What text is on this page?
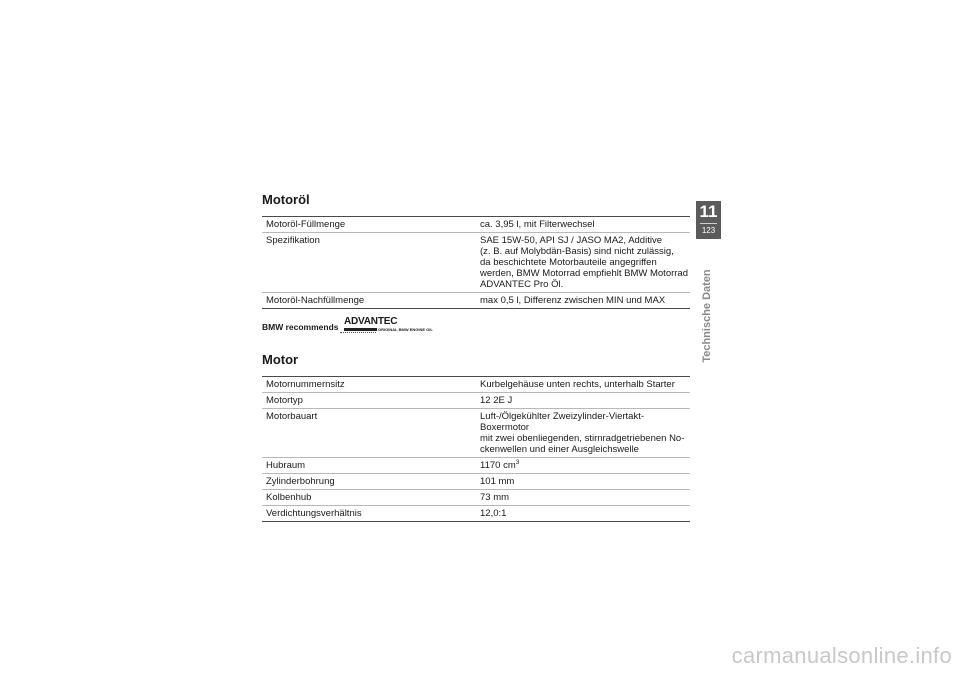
Motoröl
Motoröl-Füllmenge	ca. 3,95 l, mit Filterwechsel

Spezifikation	SAE 15W-50, API SJ / JASO MA2, Additive
(z. B. auf Molybdän-Basis) sind nicht zulässig,
da beschichtete Motorbauteile angegriffen
werden, BMW Motorrad empfiehlt BMW Motorrad
ADVANTEC Pro Öl.

Motoröl-Nachfüllmenge	max 0,5 l, Differenz zwischen MIN und MAX
BMW recommends ADVANTEC
ORIGINAL BMW ENGINE OIL
Motor
Motornummernsitz	Kurbelgehäuse unten rechts, unterhalb Starter

Motortyp	12 2E J

Motorbauart	Luft-/Ölgekühlter Zweizylinder-Viertakt-Boxermotor
mit zwei obenliegenden, stirnradgetriebenen No-
ckenwellen und einer Ausgleichswelle

Hubraum	1170 $cm^3$

Zylinderbohrung	101 mm

Kolbenhub	73 mm

Verdichtungsverhältnis	12,0:1
11
123
Technische Daten
carmanualsonline.info
